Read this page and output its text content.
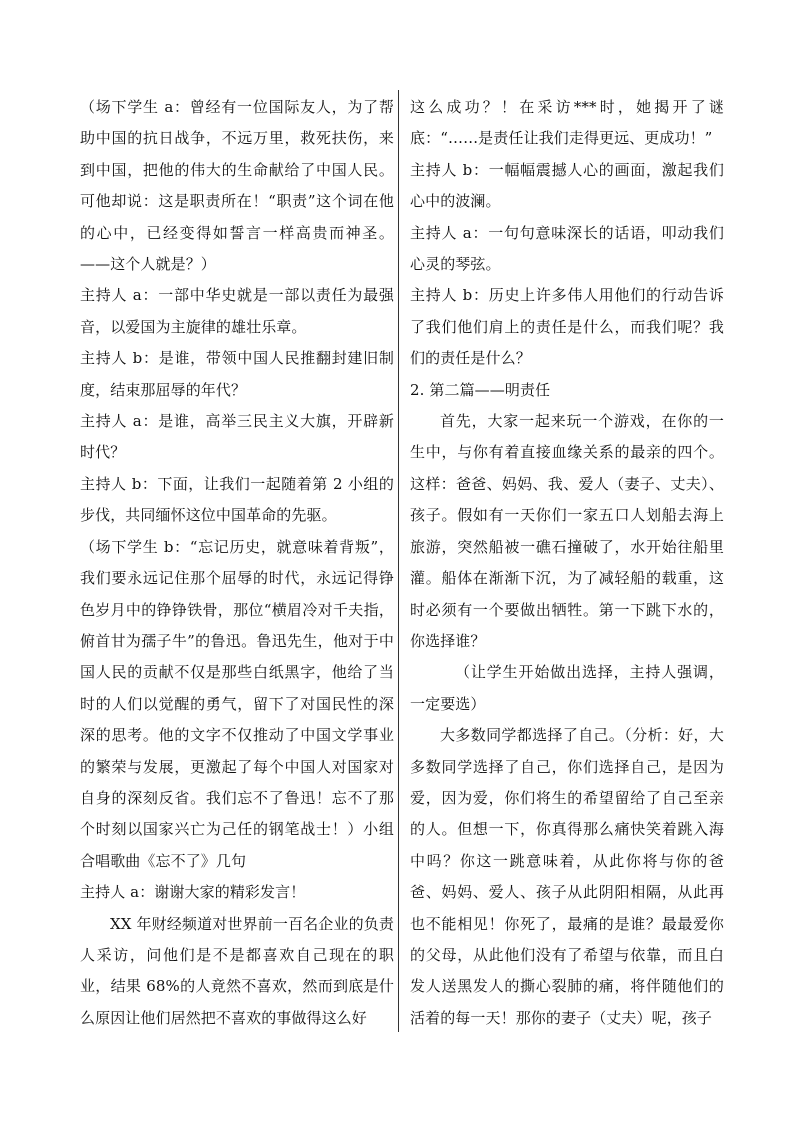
（场下学生 a：曾经有一位国际友人，为了帮助中国的抗日战争，不远万里，救死扶伤，来到中国，把他的伟大的生命献给了中国人民。可他却说：这是职责所在！“职责”这个词在他的心中，已经变得如誓言一样高贵而神圣。——这个人就是？）

主持人 a：一部中华史就是一部以责任为最强音，以爱国为主旋律的雄壮乐章。

主持人 b：是谁，带领中国人民推翻封建旧制度，结束那屈辱的年代？

主持人 a：是谁，高举三民主义大旗，开辟新时代？

主持人 b：下面，让我们一起随着第 2 小组的步伐，共同缅怀这位中国革命的先驱。

（场下学生 b：“忘记历史，就意味着背叛”，我们要永远记住那个屈辱的时代，永远记得铮色岁月中的铮铮铁骨，那位“横眉冷对千夫指，俯首甘为孺子牛”的鲁迅。鲁迅先生，他对于中国人民的贡献不仅是那些白纸黑字，他给了当时的人们以觉醒的勇气，留下了对国民性的深深的思考。他的文字不仅推动了中国文学事业的繁荣与发展，更激起了每个中国人对国家对自身的深刻反省。我们忘不了鲁迅！忘不了那个时刻以国家兴亡为己任的钢笔战士！）小组合唱歌曲《忘不了》几句

主持人 a：谢谢大家的精彩发言！

XX 年财经频道对世界前一百名企业的负责人采访，问他们是不是都喜欢自己现在的职业，结果 68%的人竟然不喜欢，然而到底是什么原因让他们居然把不喜欢的事做得这么好

这么成功？！在采访***时，她揭开了谜底：“……是责任让我们走得更远、更成功！”

主持人 b：一幅幅震撼人心的画面，激起我们心中的波澜。

主持人 a：一句句意味深长的话语，叩动我们心灵的琴弦。

主持人 b：历史上许多伟人用他们的行动告诉了我们他们肩上的责任是什么，而我们呢？我们的责任是什么？

2. 第二篇——明责任

首先，大家一起来玩一个游戏，在你的一生中，与你有着直接血缘关系的最亲的四个。这样：爸爸、妈妈、我、爱人（妻子、丈夫）、孩子。假如有一天你们一家五口人划船去海上旅游，突然船被一礁石撞破了，水开始往船里灌。船体在渐渐下沉，为了减轻船的载重，这时必须有一个要做出牺牲。第一下跳下水的，你选择谁？

（让学生开始做出选择，主持人强调，一定要选）

大多数同学都选择了自己。（分析：好，大多数同学选择了自己，你们选择自己，是因为爱，因为爱，你们将生的希望留给了自己至亲的人。但想一下，你真得那么痛快笑着跳入海中吗？你这一跳意味着，从此你将与你的爸爸、妈妈、爱人、孩子从此阴阳相隔，从此再也不能相见！你死了，最痛的是谁？最最爱你的父母，从此他们没有了希望与依靠，而且白发人送黑发人的撕心裂肺的痛，将伴随他们的活着的每一天！那你的妻子（丈夫）呢，孩子
